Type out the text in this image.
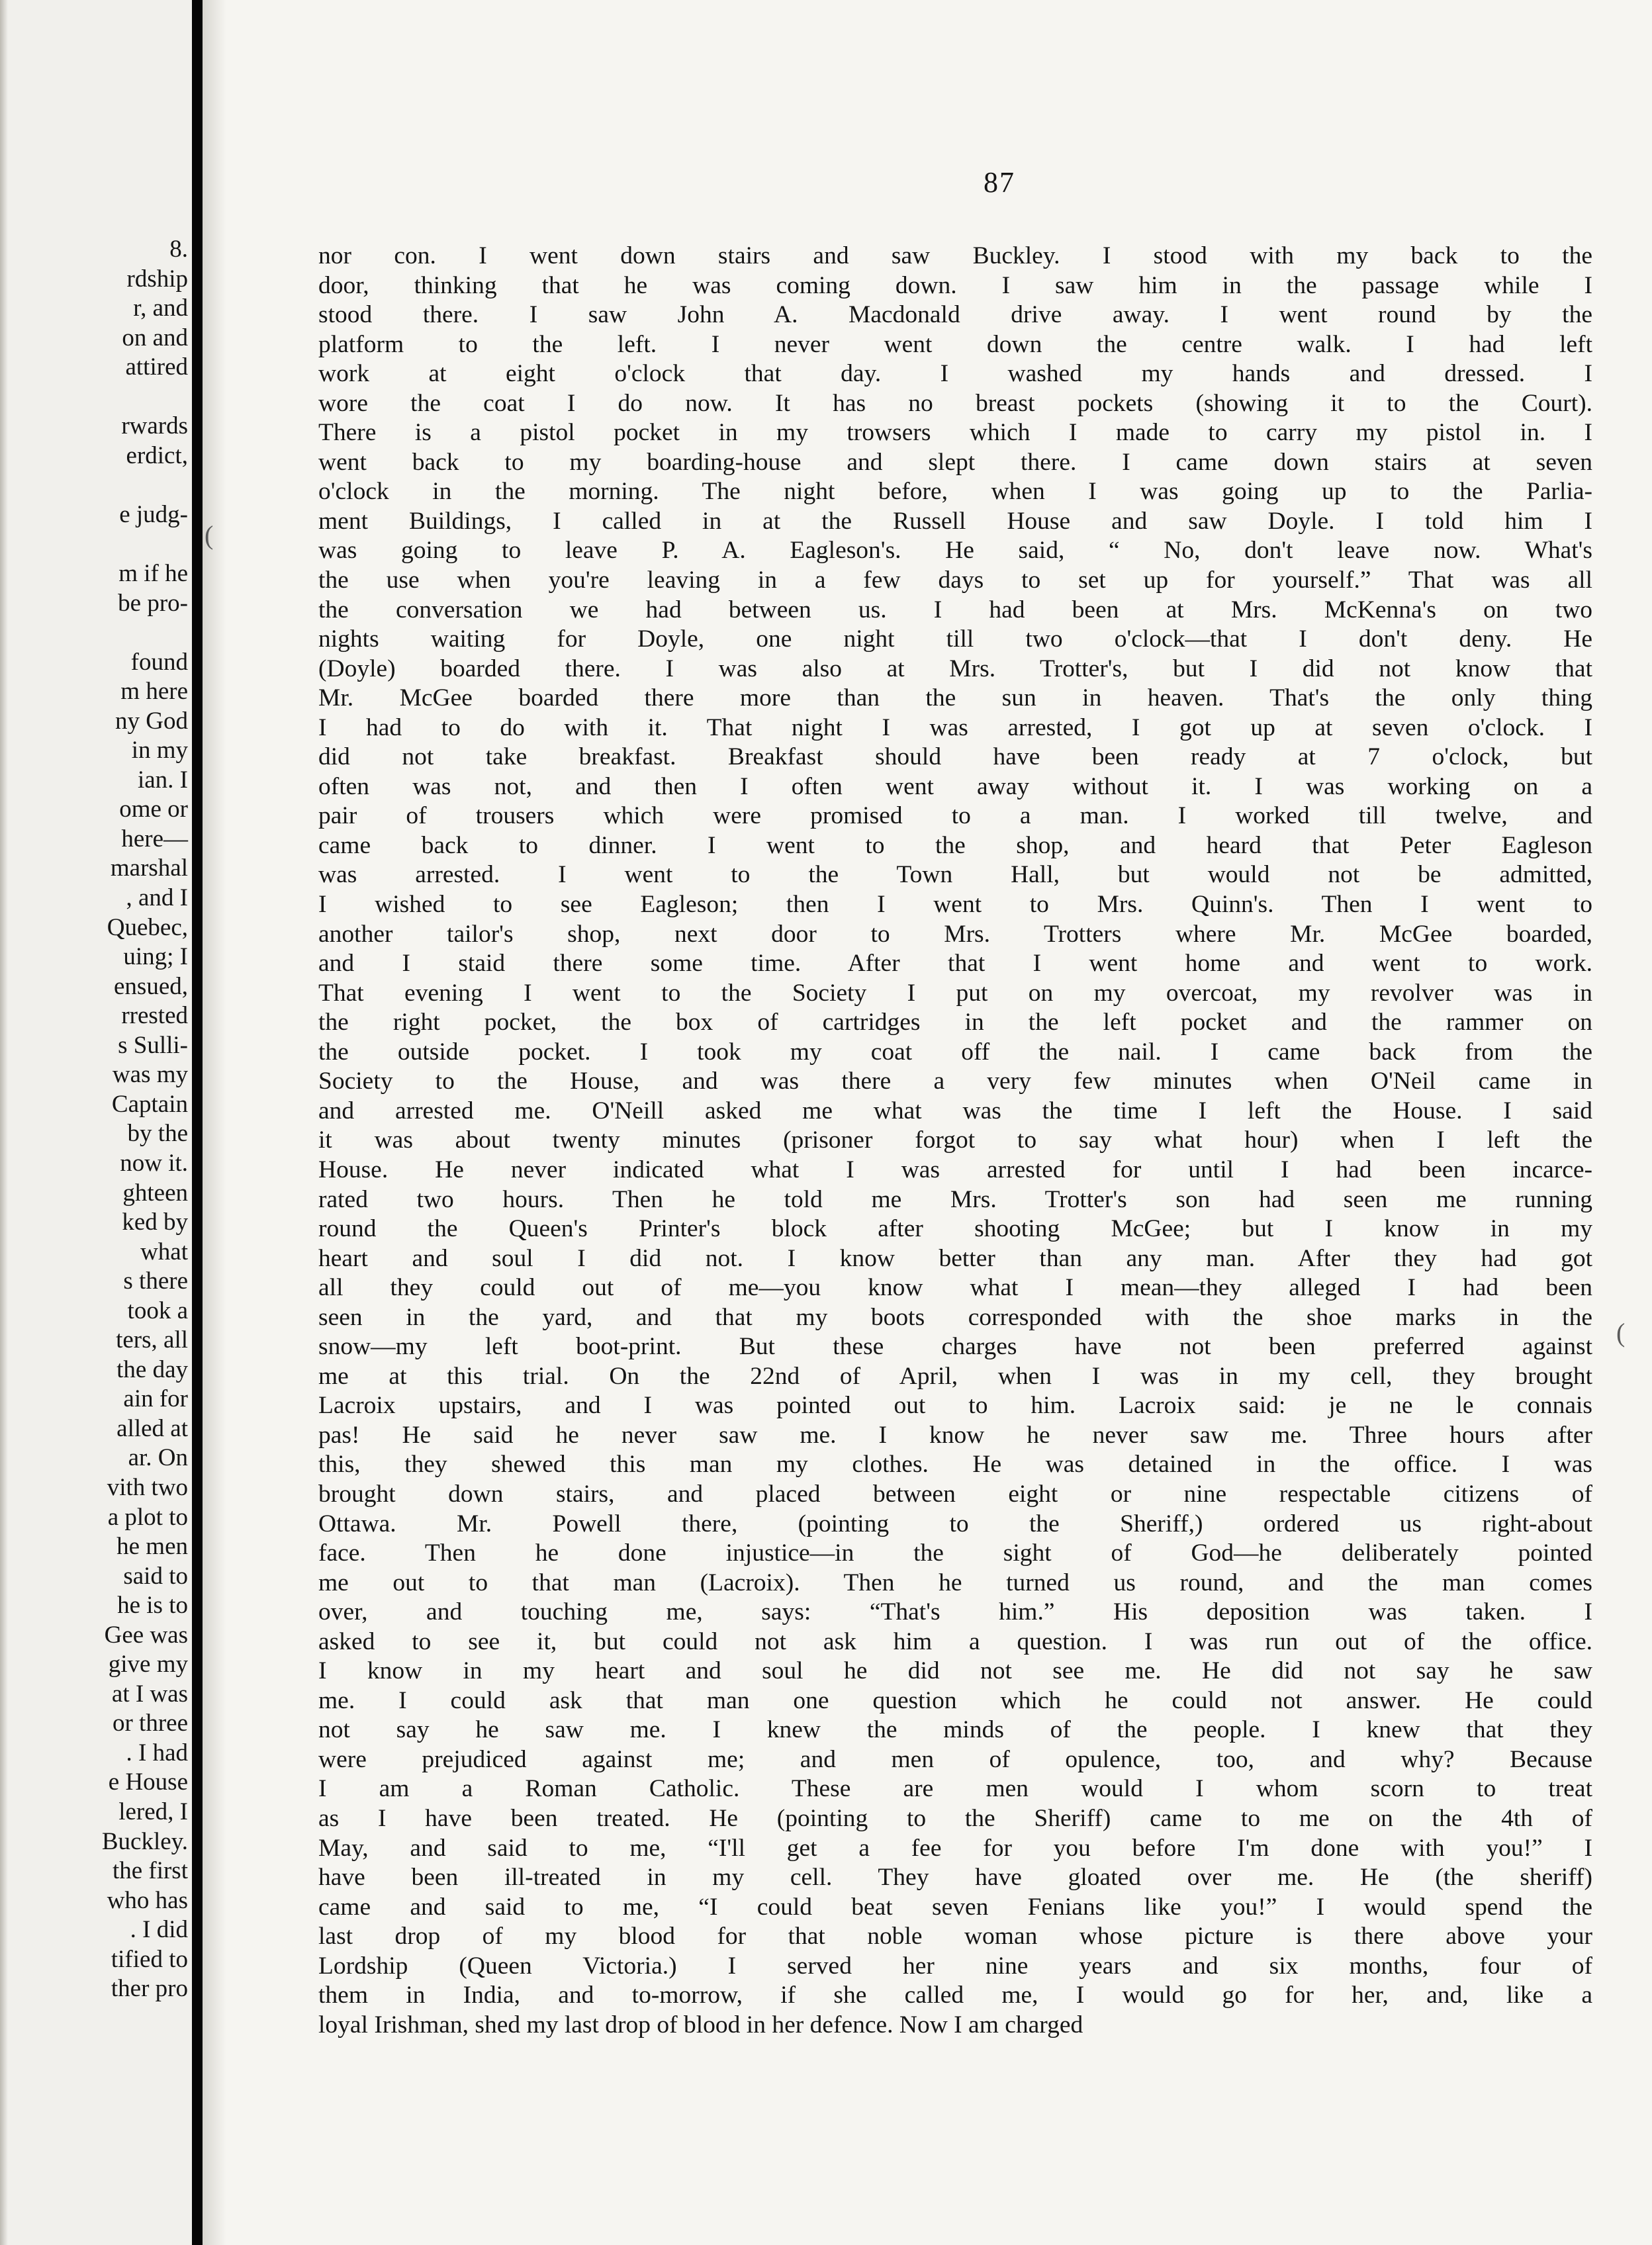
8.
rdship
r, and
on and
attired
rwards
erdict,
e judg-
m if he
be pro-
found
m here
ny God
in my
ian. I
ome or
here—
marshal
, and I
Quebec,
uing; I
ensued,
rrested
s Sulli-
was my
Captain
by the
now it.
ghteen
ked by
what
s there
took a
ters, all
the day
ain for
alled at
ar. On
vith two
a plot to
he men
said to
he is to
Gee was
give my
at I was
or three
. I had
e House
lered, I
Buckley.
the first
who has
. I did
tified to
ther pro
87
nor con. I went down stairs and saw Buckley. I stood with my back to the
door, thinking that he was coming down. I saw him in the passage while I
stood there. I saw John A. Macdonald drive away. I went round by the
platform to the left. I never went down the centre walk. I had left
work at eight o'clock that day. I washed my hands and dressed. I
wore the coat I do now. It has no breast pockets (showing it to the Court).
There is a pistol pocket in my trowsers which I made to carry my pistol in. I
went back to my boarding-house and slept there. I came down stairs at seven
o'clock in the morning. The night before, when I was going up to the Parlia-
ment Buildings, I called in at the Russell House and saw Doyle. I told him I
was going to leave P. A. Eagleson's. He said, “ No, don't leave now. What's
the use when you're leaving in a few days to set up for yourself.” That was all
the conversation we had between us. I had been at Mrs. McKenna's on two
nights waiting for Doyle, one night till two o'clock—that I don't deny. He
(Doyle) boarded there. I was also at Mrs. Trotter's, but I did not know that
Mr. McGee boarded there more than the sun in heaven. That's the only thing
I had to do with it. That night I was arrested, I got up at seven o'clock. I
did not take breakfast. Breakfast should have been ready at 7 o'clock, but
often was not, and then I often went away without it. I was working on a
pair of trousers which were promised to a man. I worked till twelve, and
came back to dinner. I went to the shop, and heard that Peter Eagleson
was arrested. I went to the Town Hall, but would not be admitted,
I wished to see Eagleson; then I went to Mrs. Quinn's. Then I went to
another tailor's shop, next door to Mrs. Trotters where Mr. McGee boarded,
and I staid there some time. After that I went home and went to work.
That evening I went to the Society I put on my overcoat, my revolver was in
the right pocket, the box of cartridges in the left pocket and the rammer on
the outside pocket. I took my coat off the nail. I came back from the
Society to the House, and was there a very few minutes when O'Neil came in
and arrested me. O'Neill asked me what was the time I left the House. I said
it was about twenty minutes (prisoner forgot to say what hour) when I left the
House. He never indicated what I was arrested for until I had been incarce-
rated two hours. Then he told me Mrs. Trotter's son had seen me running
round the Queen's Printer's block after shooting McGee; but I know in my
heart and soul I did not. I know better than any man. After they had got
all they could out of me—you know what I mean—they alleged I had been
seen in the yard, and that my boots corresponded with the shoe marks in the
snow—my left boot-print. But these charges have not been preferred against
me at this trial. On the 22nd of April, when I was in my cell, they brought
Lacroix upstairs, and I was pointed out to him. Lacroix said: je ne le connais
pas! He said he never saw me. I know he never saw me. Three hours after
this, they shewed this man my clothes. He was detained in the office. I was
brought down stairs, and placed between eight or nine respectable citizens of
Ottawa. Mr. Powell there, (pointing to the Sheriff,) ordered us right-about
face. Then he done injustice—in the sight of God—he deliberately pointed
me out to that man (Lacroix). Then he turned us round, and the man comes
over, and touching me, says: “That's him.” His deposition was taken. I
asked to see it, but could not ask him a question. I was run out of the office.
I know in my heart and soul he did not see me. He did not say he saw
me. I could ask that man one question which he could not answer. He could
not say he saw me. I knew the minds of the people. I knew that they
were prejudiced against me; and men of opulence, too, and why? Because
I am a Roman Catholic. These are men would I whom scorn to treat
as I have been treated. He (pointing to the Sheriff) came to me on the 4th of
May, and said to me, “I'll get a fee for you before I'm done with you!” I
have been ill-treated in my cell. They have gloated over me. He (the sheriff)
came and said to me, “I could beat seven Fenians like you!” I would spend the
last drop of my blood for that noble woman whose picture is there above your
Lordship (Queen Victoria.) I served her nine years and six months, four of
them in India, and to-morrow, if she called me, I would go for her, and, like a
loyal Irishman, shed my last drop of blood in her defence. Now I am charged
(
(
